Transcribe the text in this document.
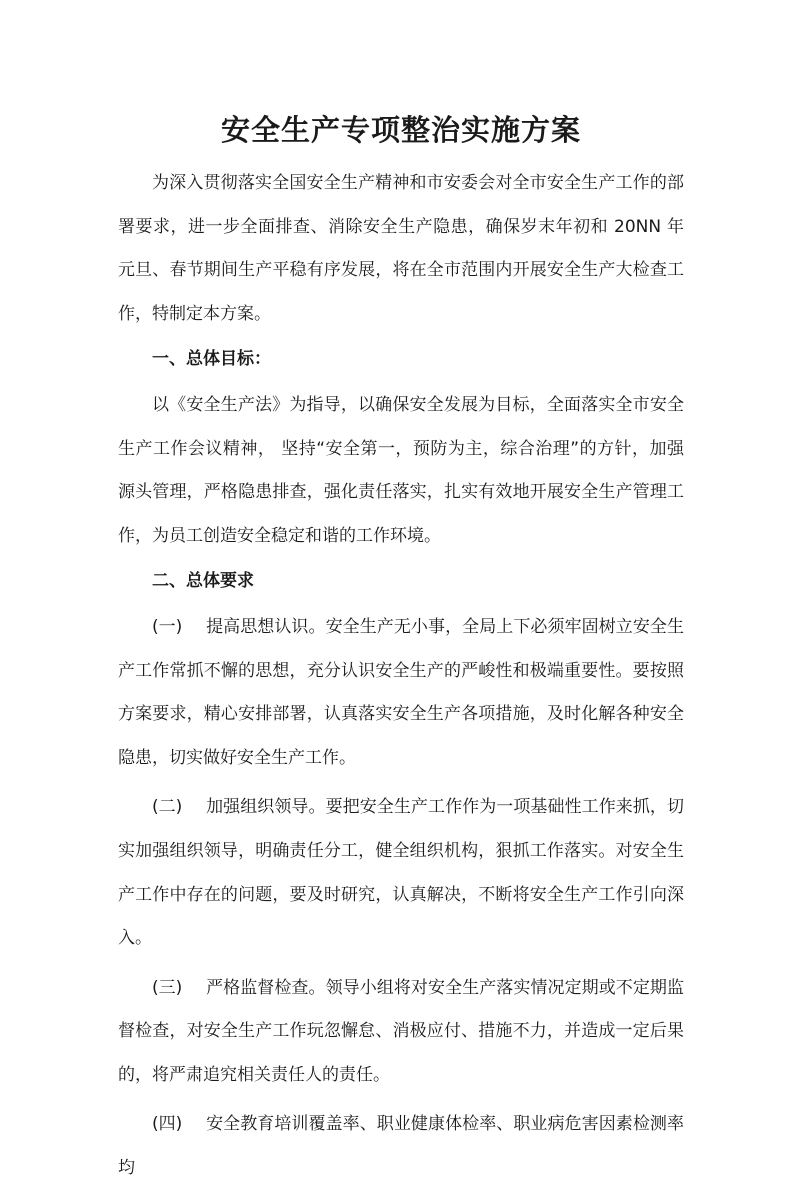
安全生产专项整治实施方案

为深入贯彻落实全国安全生产精神和市安委会对全市安全生产工作的部署要求，进一步全面排查、消除安全生产隐患，确保岁末年初和 20NN 年元旦、春节期间生产平稳有序发展，将在全市范围内开展安全生产大检查工作，特制定本方案。

一、总体目标：

以《安全生产法》为指导，以确保安全发展为目标，全面落实全市安全生产工作会议精神， 坚持“安全第一，预防为主，综合治理”的方针，加强源头管理，严格隐患排查，强化责任落实，扎实有效地开展安全生产管理工作，为员工创造安全稳定和谐的工作环境。

二、总体要求

(一) 提高思想认识。安全生产无小事，全局上下必须牢固树立安全生产工作常抓不懈的思想，充分认识安全生产的严峻性和极端重要性。要按照方案要求，精心安排部署，认真落实安全生产各项措施，及时化解各种安全隐患，切实做好安全生产工作。

(二) 加强组织领导。要把安全生产工作作为一项基础性工作来抓，切实加强组织领导，明确责任分工，健全组织机构，狠抓工作落实。对安全生产工作中存在的问题，要及时研究，认真解决，不断将安全生产工作引向深入。

(三) 严格监督检查。领导小组将对安全生产落实情况定期或不定期监督检查，对安全生产工作玩忽懈怠、消极应付、措施不力，并造成一定后果的，将严肃追究相关责任人的责任。

(四) 安全教育培训覆盖率、职业健康体检率、职业病危害因素检测率均
